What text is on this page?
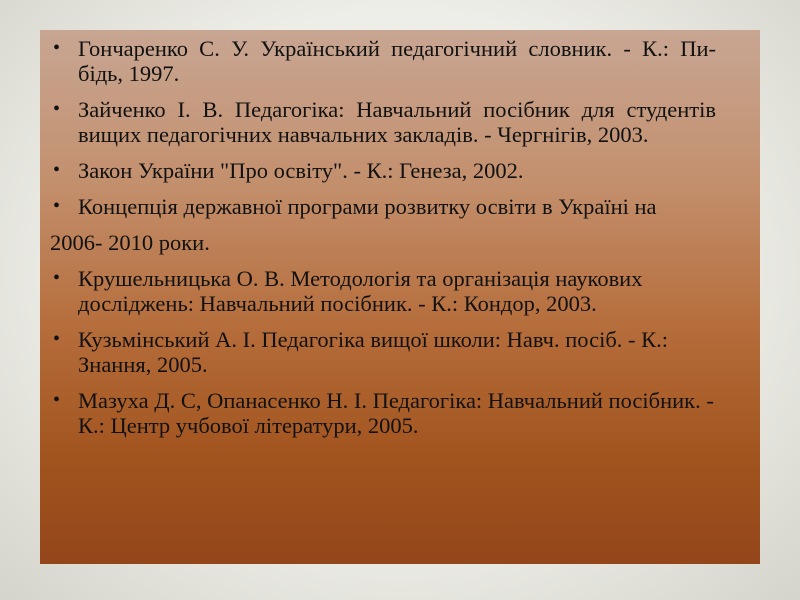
• Гончаренко С. У. Український педагогічний словник. - К.: Пи-бідь, 1997.
• Зайченко І. В. Педагогіка: Навчальний посібник для студентів вищих педагогічних навчальних закладів. - Чергнігів, 2003.
• Закон України "Про освіту". - К.: Генеза, 2002.
• Концепція державної програми розвитку освіти в Україні на
2006- 2010 роки.
• Крушельницька О. В. Методологія та організація наукових досліджень: Навчальний посібник. - К.: Кондор, 2003.
• Кузьмінський А. І. Педагогіка вищої школи: Навч. посіб. - К.: Знання, 2005.
• Мазуха Д. С, Опанасенко Н. І. Педагогіка: Навчальний посібник. - К.: Центр учбової літератури, 2005.
